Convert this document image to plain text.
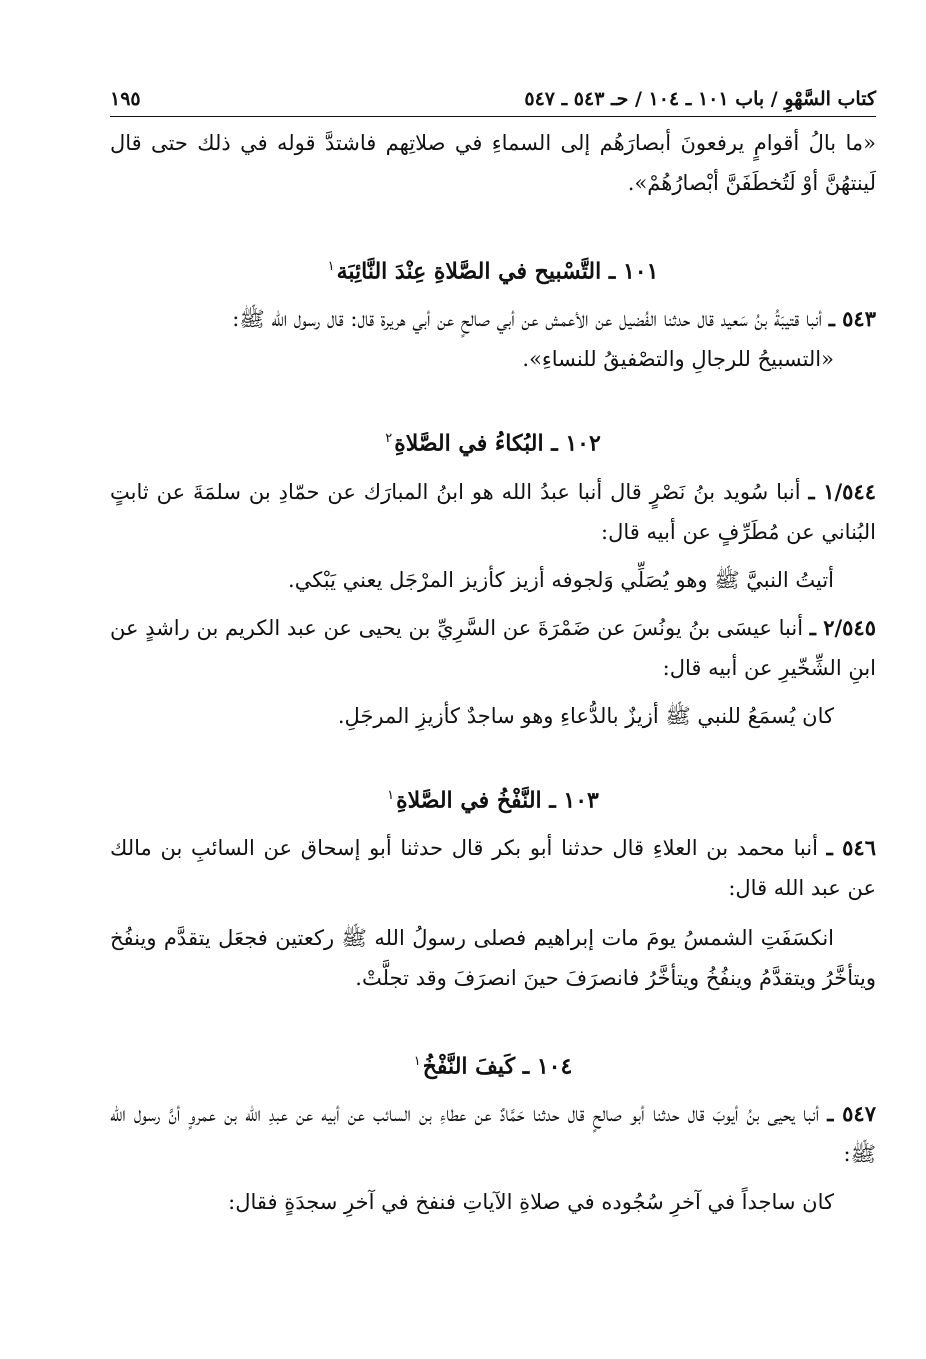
كتاب السَّهْوِ / باب ١٠١ ـ ١٠٤ / حـ ٥٤٣ ـ ٥٤٧
١٩٥

«ما بالُ أقوامٍ يرفعونَ أبصارَهُم إلى السماءِ في صلاتِهم فاشتدَّ قوله في ذلك حتى قال لَينتهُنَّ أوْ لَتُخطَفَنَّ أبْصارُهُمْ».

١٠١ ـ التَّسْبيح في الصَّلاةِ عِنْدَ النَّائِبَة$^١$

٥٤٣ ـ أنبا قتيبَةُ بنُ سَعيد قال حدثنا الفُضيل عن الأعمش عن أبي صالحٍ عن أبي هريرة قال: قال رسول الله ﷺ:

«التسبيحُ للرجالِ والتصْفيقُ للنساءِ».

١٠٢ ـ البُكاءُ في الصَّلاةِ$^٢$

١/٥٤٤ ـ أنبا سُويد بنُ نَصْرٍ قال أنبا عبدُ الله هو ابنُ المبارَك عن حمّادِ بن سلمَةَ عن ثابتٍ البُناني عن مُطَرِّفٍ عن أبيه قال:

أتيتُ النبيَّ ﷺ وهو يُصَلِّي وَلجوفه أزيز كأزيز المرْجَل يعني يَبْكي.

٢/٥٤٥ ـ أنبا عيسَى بنُ يونُسَ عن ضَمْرَةَ عن السَّرِيِّ بن يحيى عن عبد الكريم بن راشدٍ عن ابنِ الشِّخّيرِ عن أبيه قال:

كان يُسمَعُ للنبي ﷺ أزيزٌ بالدُّعاءِ وهو ساجدٌ كأزيزِ المرجَلِ.

١٠٣ ـ النَّفْخُ في الصَّلاةِ$^١$

٥٤٦ ـ أنبا محمد بن العلاءِ قال حدثنا أبو بكر قال حدثنا أبو إسحاق عن السائبِ بن مالك عن عبد الله قال:

انكسَفَتِ الشمسُ يومَ مات إبراهيم فصلى رسولُ الله ﷺ ركعتين فجعَل يتقدَّم وينفُخ ويتأخَّرُ ويتقدَّمُ وينفُخُ ويتأخَّرُ فانصرَفَ حينَ انصرَفَ وقد تجلَّتْ.

١٠٤ ـ كَيفَ النَّفْخُ$^١$

٥٤٧ ـ أنبا يحيى بنُ أيوبَ قال حدثنا أبو صالحٍ قال حدثنا حَمَّادٌ عن عطاءِ بن السائب عن أبيه عن عبدِ الله بن عمروٍ أنَّ رسول الله ﷺ:

كان ساجداً في آخرِ سُجُوده في صلاةِ الآياتِ فنفخ في آخرِ سجدَةٍ فقال:
